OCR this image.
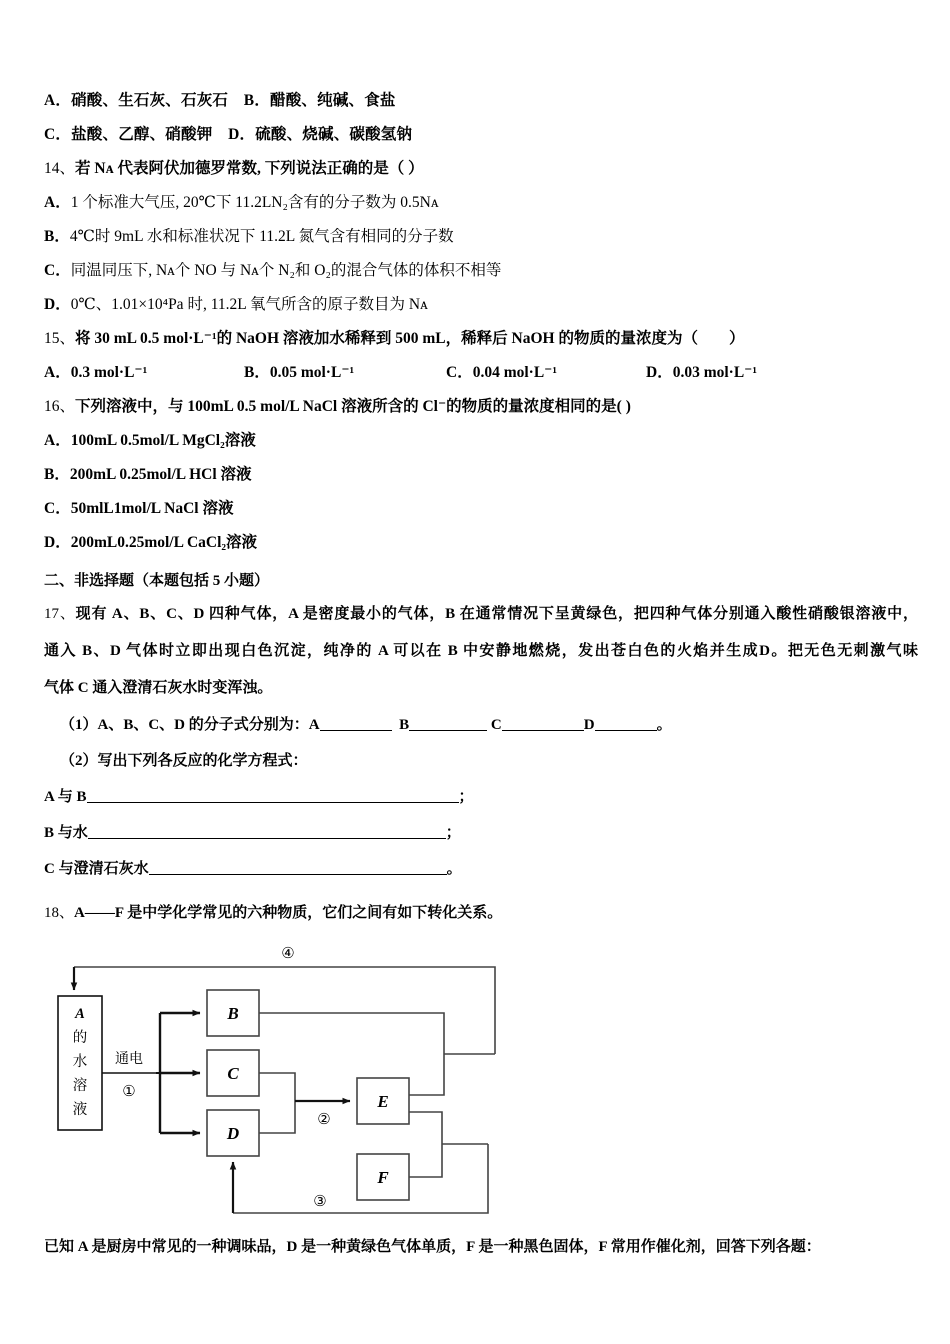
A．硝酸、生石灰、石灰石　B．醋酸、纯碱、食盐
C．盐酸、乙醇、硝酸钾　D．硫酸、烧碱、碳酸氢钠
14、若 Nᴀ 代表阿伏加德罗常数, 下列说法正确的是（ ）
A．1 个标准大气压, 20℃下 11.2LN₂含有的分子数为 0.5Nᴀ
B．4℃时 9mL 水和标准状况下 11.2L 氮气含有相同的分子数
C．同温同压下, Nᴀ个 NO 与 Nᴀ个 N₂和 O₂的混合气体的体积不相等
D．0℃、1.01×10⁴Pa 时, 11.2L 氧气所含的原子数目为 Nᴀ
15、将 30 mL 0.5 mol·L⁻¹的 NaOH 溶液加水稀释到 500 mL，稀释后 NaOH 的物质的量浓度为（　　）
A．0.3 mol·L⁻¹	B．0.05 mol·L⁻¹	C．0.04 mol·L⁻¹	D．0.03 mol·L⁻¹
16、下列溶液中，与 100mL 0.5 mol/L NaCl 溶液所含的 Cl⁻的物质的量浓度相同的是( )
A．100mL 0.5mol/L MgCl₂溶液
B．200mL 0.25mol/L HCl 溶液
C．50mlL1mol/L NaCl 溶液
D．200mL0.25mol/L CaCl₂溶液
二、非选择题（本题包括 5 小题）
17、现有 A、B、C、D 四种气体，A 是密度最小的气体，B 在通常情况下呈黄绿色，把四种气体分别通入酸性硝酸银溶液中，
通入 B、D 气体时立即出现白色沉淀，纯净的 A 可以在 B 中安静地燃烧，发出苍白色的火焰并生成D。把无色无刺激气味
气体 C 通入澄清石灰水时变浑浊。
（1）A、B、C、D 的分子式分别为：A	B	C	D	。
（2）写出下列各反应的化学方程式：
A 与 B	；
B 与水	；
C 与澄清石灰水	。
18、A——F 是中学化学常见的六种物质，它们之间有如下转化关系。
A
的
水
溶
液
B
C
D
E
F
通电
①
②
④
③
已知 A 是厨房中常见的一种调味品，D 是一种黄绿色气体单质，F 是一种黑色固体，F 常用作催化剂，回答下列各题：
